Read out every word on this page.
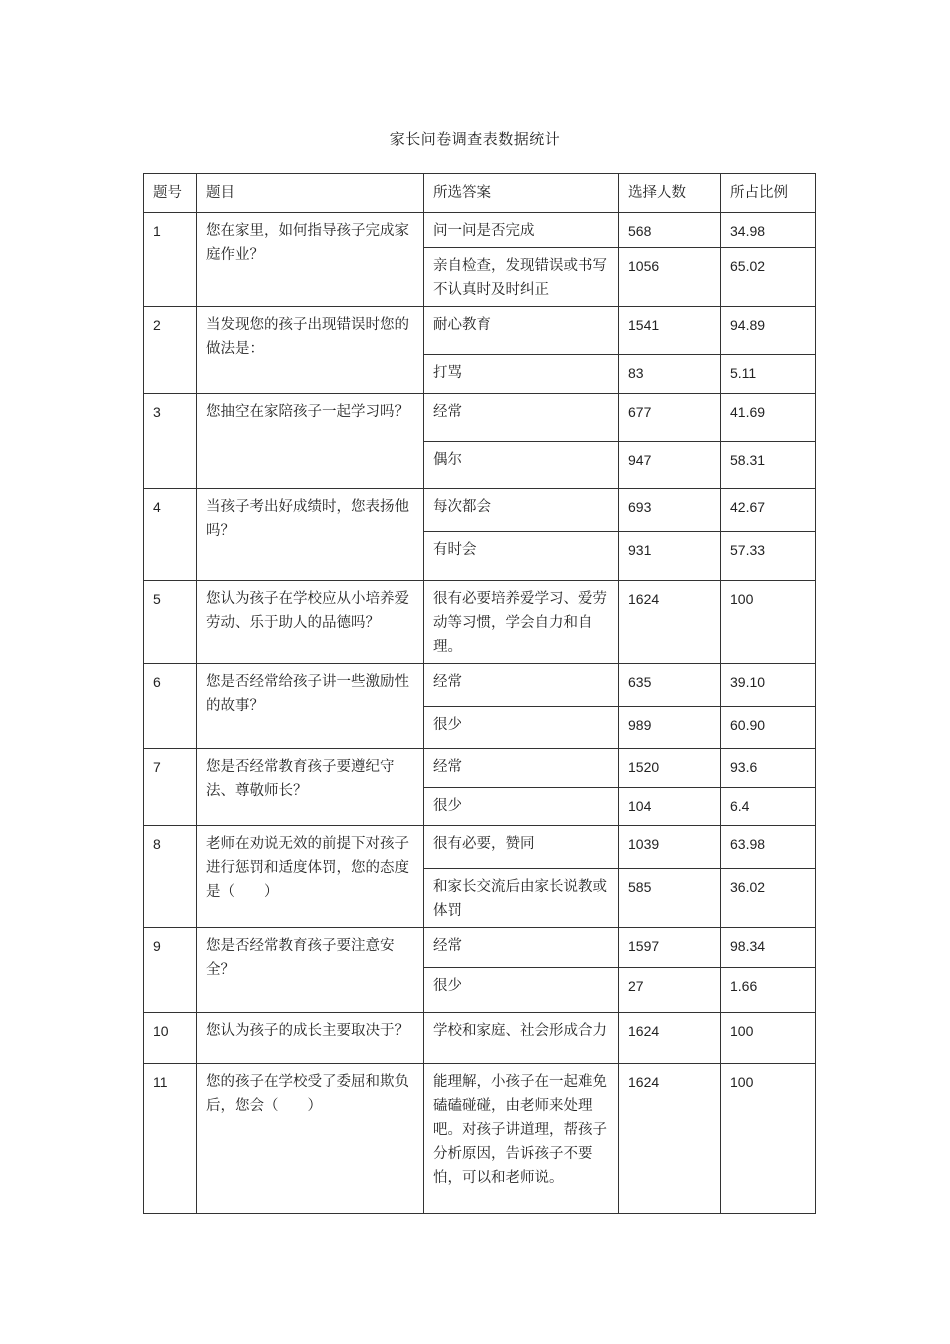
家长问卷调查表数据统计
题号	题目	所选答案	选择人数	所占比例
1	您在家里，如何指导孩子完成家庭作业？	问一问是否完成	568	34.98
		亲自检查，发现错误或书写不认真时及时纠正	1056	65.02
2	当发现您的孩子出现错误时您的做法是：	耐心教育	1541	94.89
		打骂	83	5.11
3	您抽空在家陪孩子一起学习吗？	经常	677	41.69
		偶尔	947	58.31
4	当孩子考出好成绩时，您表扬他吗？	每次都会	693	42.67
		有时会	931	57.33
5	您认为孩子在学校应从小培养爱劳动、乐于助人的品德吗？	很有必要培养爱学习、爱劳动等习惯，学会自力和自理。	1624	100
6	您是否经常给孩子讲一些激励性的故事？	经常	635	39.10
		很少	989	60.90
7	您是否经常教育孩子要遵纪守法、尊敬师长？	经常	1520	93.6
		很少	104	6.4
8	老师在劝说无效的前提下对孩子进行惩罚和适度体罚，您的态度是（　　）	很有必要，赞同	1039	63.98
		和家长交流后由家长说教或体罚	585	36.02
9	您是否经常教育孩子要注意安全？	经常	1597	98.34
		很少	27	1.66
10	您认为孩子的成长主要取决于？	学校和家庭、社会形成合力	1624	100
11	您的孩子在学校受了委屈和欺负后，您会（　　）	能理解，小孩子在一起难免磕磕碰碰，由老师来处理吧。对孩子讲道理，帮孩子分析原因，告诉孩子不要怕，可以和老师说。	1624	100
